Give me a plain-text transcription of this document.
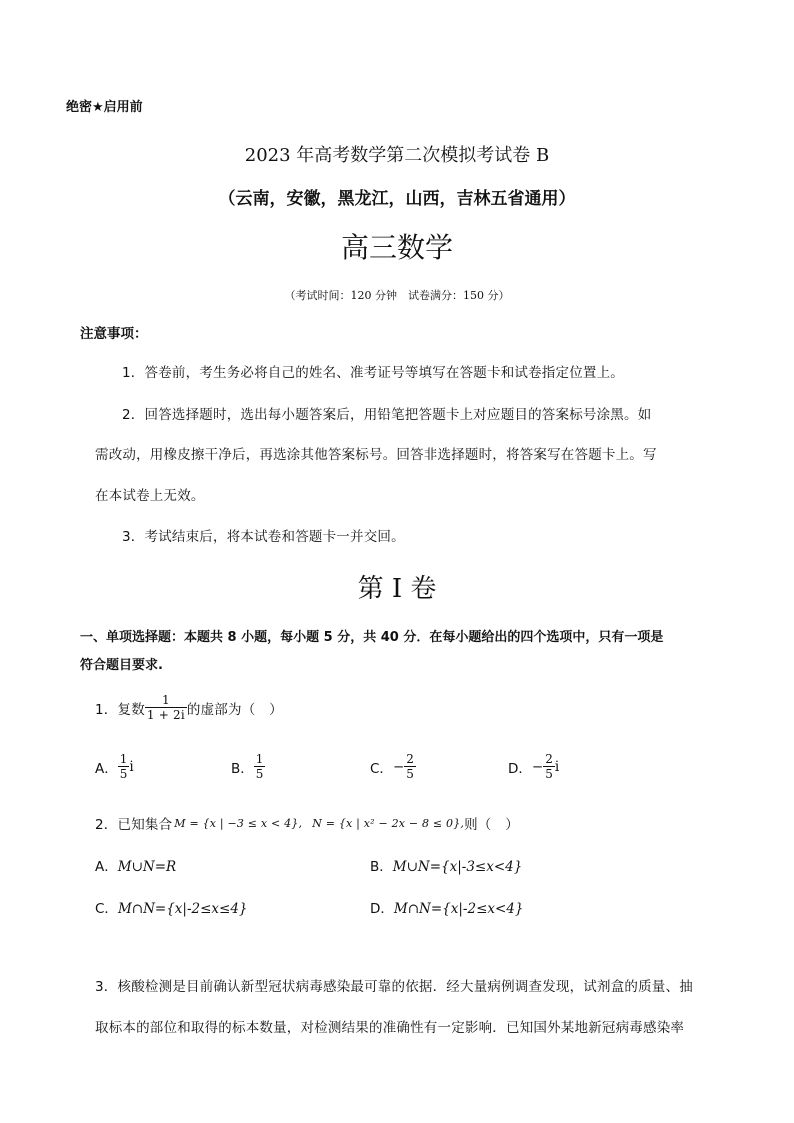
绝密★启用前
2023 年高考数学第二次模拟考试卷 B
（云南，安徽，黑龙江，山西，吉林五省通用）
高三数学
（考试时间：120 分钟　试卷满分：150 分）
注意事项：
1．答卷前，考生务必将自己的姓名、准考证号等填写在答题卡和试卷指定位置上。
2．回答选择题时，选出每小题答案后，用铅笔把答题卡上对应题目的答案标号涂黑。如
需改动，用橡皮擦干净后，再选涂其他答案标号。回答非选择题时，将答案写在答题卡上。写
在本试卷上无效。
3．考试结束后，将本试卷和答题卡一并交回。
第 I 卷
一、单项选择题：本题共 8 小题，每小题 5 分，共 40 分．在每小题给出的四个选项中，只有一项是
符合题目要求.
1．复数 $\frac{1}{1 + 2i}$ 的虚部为（　）
A． $\frac{1}{5}$ i	B． $\frac{1}{5}$	C． − $\frac{2}{5}$	D． − $\frac{2}{5}$ i
2．已知集合 M = {x | −3 ≤ x < 4}, N = {x | x² − 2x − 8 ≤ 0}, 则（　）
A．M∪N=R	B．M∪N={x|-3≤x<4}
C．M∩N={x|-2≤x≤4}	D．M∩N={x|-2≤x<4}
3．核酸检测是目前确认新型冠状病毒感染最可靠的依据．经大量病例调查发现，试剂盒的质量、抽
取标本的部位和取得的标本数量，对检测结果的准确性有一定影响．已知国外某地新冠病毒感染率
